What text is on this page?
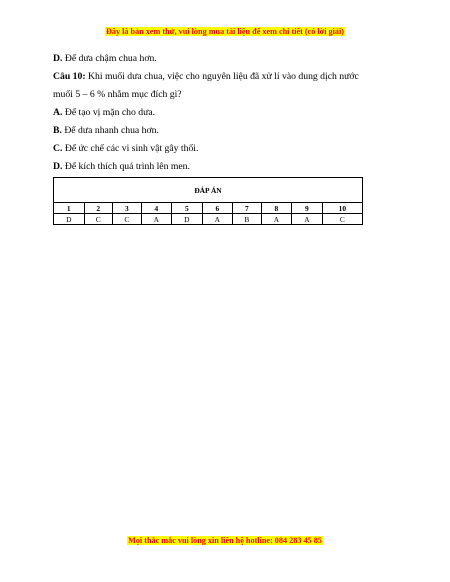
Đây là bản xem thử, vui lòng mua tài liệu để xem chi tiết (có lời giải)
D. Để dưa chậm chua hơn.
Câu 10: Khi muối dưa chua, việc cho nguyên liệu đã xử lí vào dung dịch nước
muối 5 – 6 % nhằm mục đích gì?
A. Để tạo vị mặn cho dưa.
B. Để dưa nhanh chua hơn.
C. Để ức chế các vi sinh vật gây thối.
D. Để kích thích quá trình lên men.
ĐÁP ÁN									
1	2	3	4	5	6	7	8	9	10
D	C	C	A	D	A	B	A	A	C
Mọi thắc mắc vui lòng xin liên hệ hotline: 084 283 45 85
